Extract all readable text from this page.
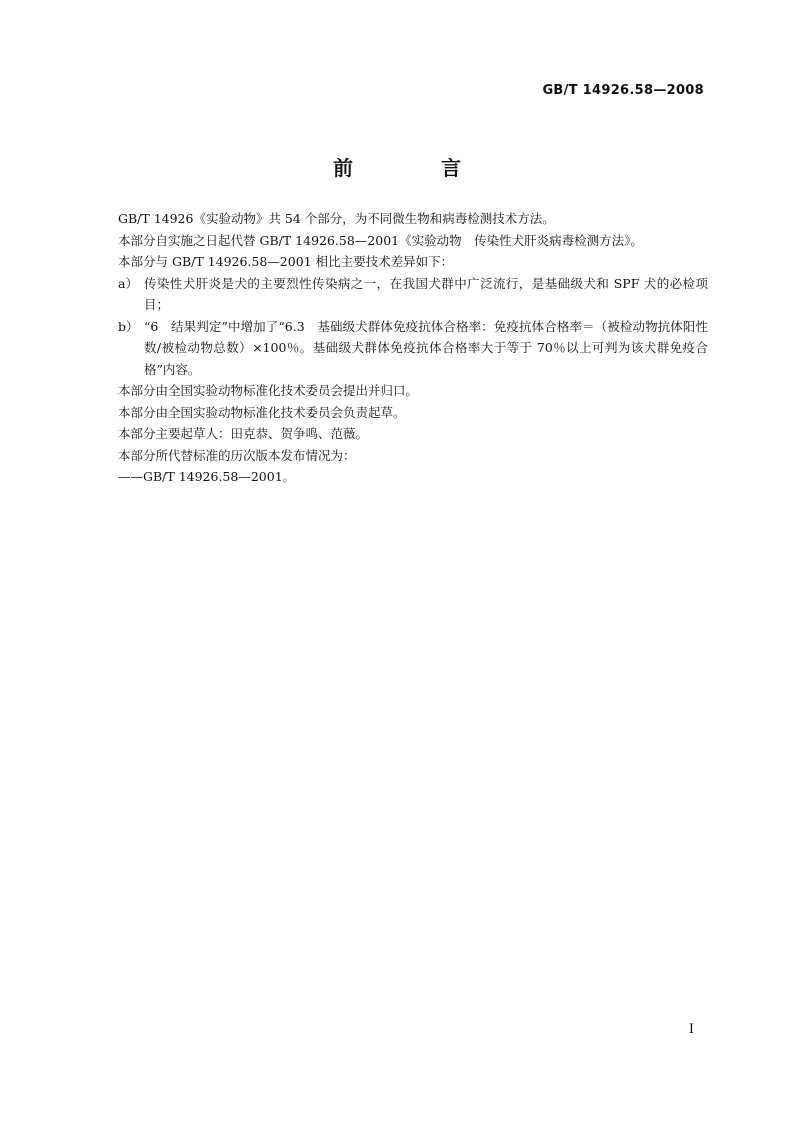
GB/T 14926.58—2008
前　言

GB/T 14926《实验动物》共 54 个部分，为不同微生物和病毒检测技术方法。

本部分自实施之日起代替 GB/T 14926.58—2001《实验动物　传染性犬肝炎病毒检测方法》。

本部分与 GB/T 14926.58—2001 相比主要技术差异如下：

a） 传染性犬肝炎是犬的主要烈性传染病之一，在我国犬群中广泛流行，是基础级犬和 SPF 犬的必检项目；
b） “6　结果判定”中增加了“6.3　基础级犬群体免疫抗体合格率：免疫抗体合格率＝（被检动物抗体阳性数/被检动物总数）×100％。基础级犬群体免疫抗体合格率大于等于 70％以上可判为该犬群免疫合格”内容。

本部分由全国实验动物标准化技术委员会提出并归口。

本部分由全国实验动物标准化技术委员会负责起草。

本部分主要起草人：田克恭、贺争鸣、范薇。

本部分所代替标准的历次版本发布情况为：

——GB/T 14926.58—2001。

Ⅰ
